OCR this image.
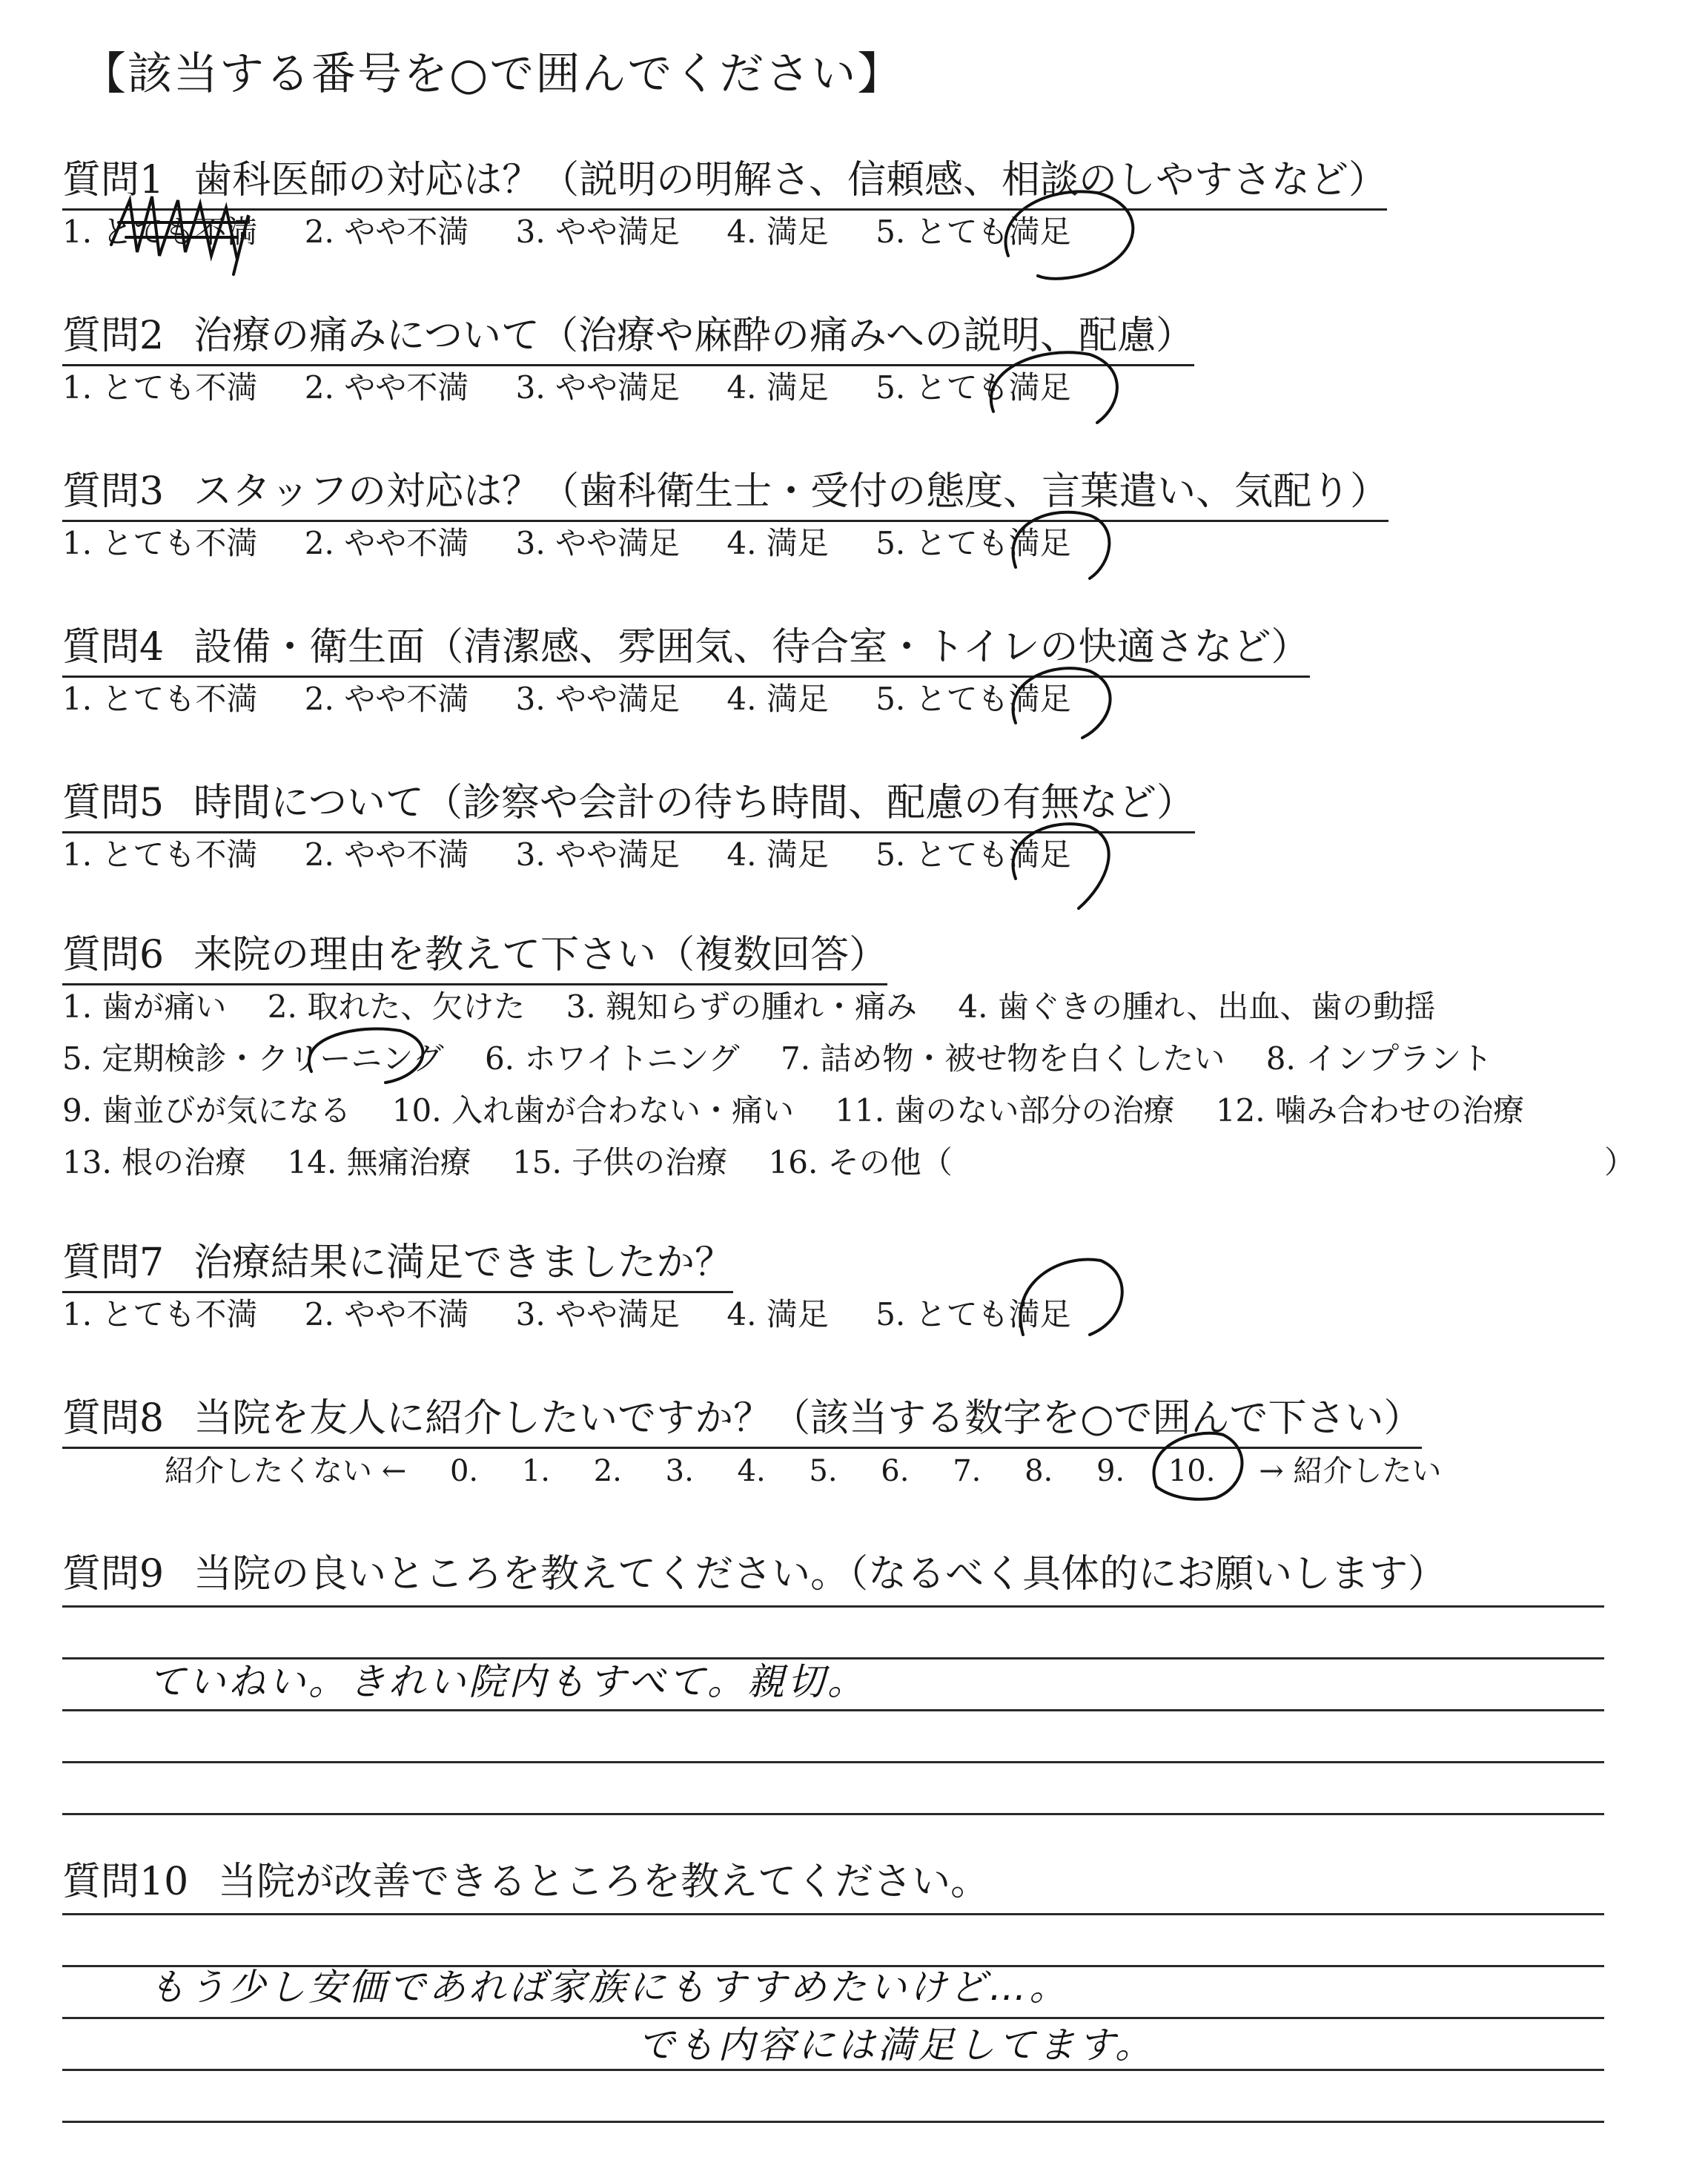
【該当する番号を○で囲んでください】
質問1 歯科医師の対応は？（説明の明解さ、信頼感、相談のしやすさなど）
1. とても不満 2. やや不満 3. やや満足 4. 満足 5. とても満足
質問2 治療の痛みについて（治療や麻酔の痛みへの説明、配慮）
1. とても不満 2. やや不満 3. やや満足 4. 満足 5. とても満足
質問3 スタッフの対応は？（歯科衛生士・受付の態度、言葉遣い、気配り）
1. とても不満 2. やや不満 3. やや満足 4. 満足 5. とても満足
質問4 設備・衛生面（清潔感、雰囲気、待合室・トイレの快適さなど）
1. とても不満 2. やや不満 3. やや満足 4. 満足 5. とても満足
質問5 時間について（診察や会計の待ち時間、配慮の有無など）
1. とても不満 2. やや不満 3. やや満足 4. 満足 5. とても満足
質問6 来院の理由を教えて下さい（複数回答）
1. 歯が痛い 2. 取れた、欠けた 3. 親知らずの腫れ・痛み 4. 歯ぐきの腫れ、出血、歯の動揺
5. 定期検診・クリーニング 6. ホワイトニング 7. 詰め物・被せ物を白くしたい 8. インプラント
9. 歯並びが気になる 10. 入れ歯が合わない・痛い 11. 歯のない部分の治療 12. 噛み合わせの治療
13. 根の治療 14. 無痛治療 15. 子供の治療 16. その他（	）
質問7 治療結果に満足できましたか？
1. とても不満 2. やや不満 3. やや満足 4. 満足 5. とても満足
質問8 当院を友人に紹介したいですか？（該当する数字を○で囲んで下さい）
紹介したくない ← 0. 1. 2. 3. 4. 5. 6. 7. 8. 9. 10. → 紹介したい
質問9 当院の良いところを教えてください。（なるべく具体的にお願いします）
ていねい。きれい院内もすべて。親切。
質問10 当院が改善できるところを教えてください。
もう少し安価であれば家族にもすすめたいけど…。
でも内容には満足してます。
